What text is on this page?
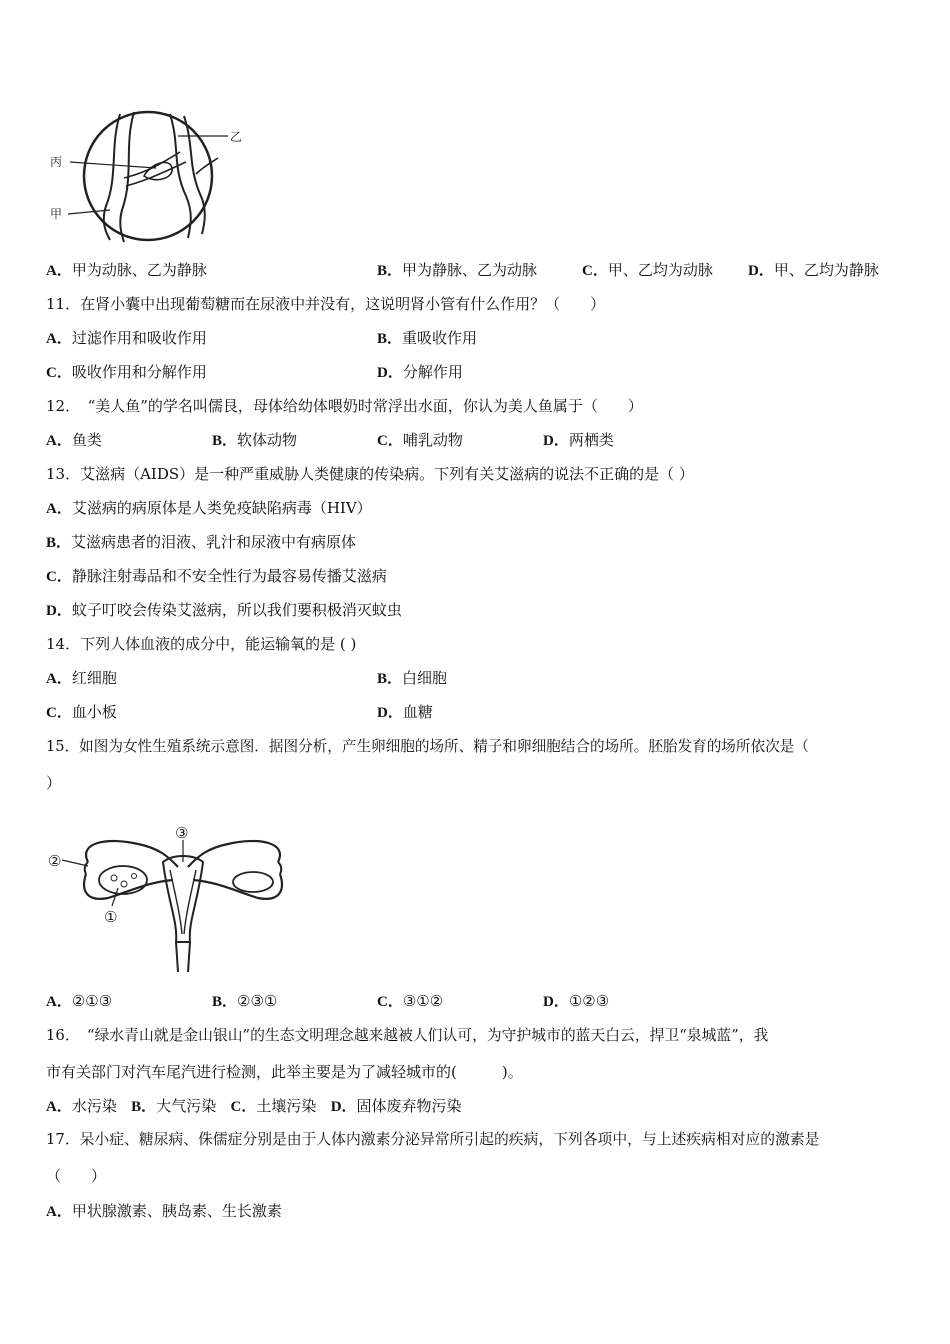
乙
丙
甲
A．甲为动脉、乙为静脉	B．甲为静脉、乙为动脉	C．甲、乙均为动脉 D．甲、乙均为静脉
11．在肾小囊中出现葡萄糖而在尿液中并没有，这说明肾小管有什么作用？（　　）
A．过滤作用和吸收作用	B．重吸收作用
C．吸收作用和分解作用	D．分解作用
12．　“美人鱼”的学名叫儒艮，母体给幼体喂奶时常浮出水面，你认为美人鱼属于（　　）
A．鱼类	B．软体动物	C．哺乳动物	D．两栖类
13．艾滋病（AIDS）是一种严重威胁人类健康的传染病。下列有关艾滋病的说法不正确的是（ ）
A．艾滋病的病原体是人类免疫缺陷病毒（HIV）
B．艾滋病患者的泪液、乳汁和尿液中有病原体
C．静脉注射毒品和不安全性行为最容易传播艾滋病
D．蚊子叮咬会传染艾滋病，所以我们要积极消灭蚊虫
14．下列人体血液的成分中，能运输氧的是 ( )
A．红细胞	B．白细胞
C．血小板	D．血糖
15．如图为女性生殖系统示意图．据图分析，产生卵细胞的场所、精子和卵细胞结合的场所。胚胎发育的场所依次是（
）
③
②
①
A．②①③	B．②③①	C．③①②	D．①②③
16．　“绿水青山就是金山银山”的生态文明理念越来越被人们认可，为守护城市的蓝天白云，捍卫“泉城蓝”，我
市有关部门对汽车尾汽进行检测，此举主要是为了减轻城市的(　　　)。
A．水污染 B．大气污染 C．土壤污染 D．固体废弃物污染
17．呆小症、糖尿病、侏儒症分别是由于人体内激素分泌异常所引起的疾病，下列各项中，与上述疾病相对应的激素是
（　　）
A．甲状腺激素、胰岛素、生长激素
